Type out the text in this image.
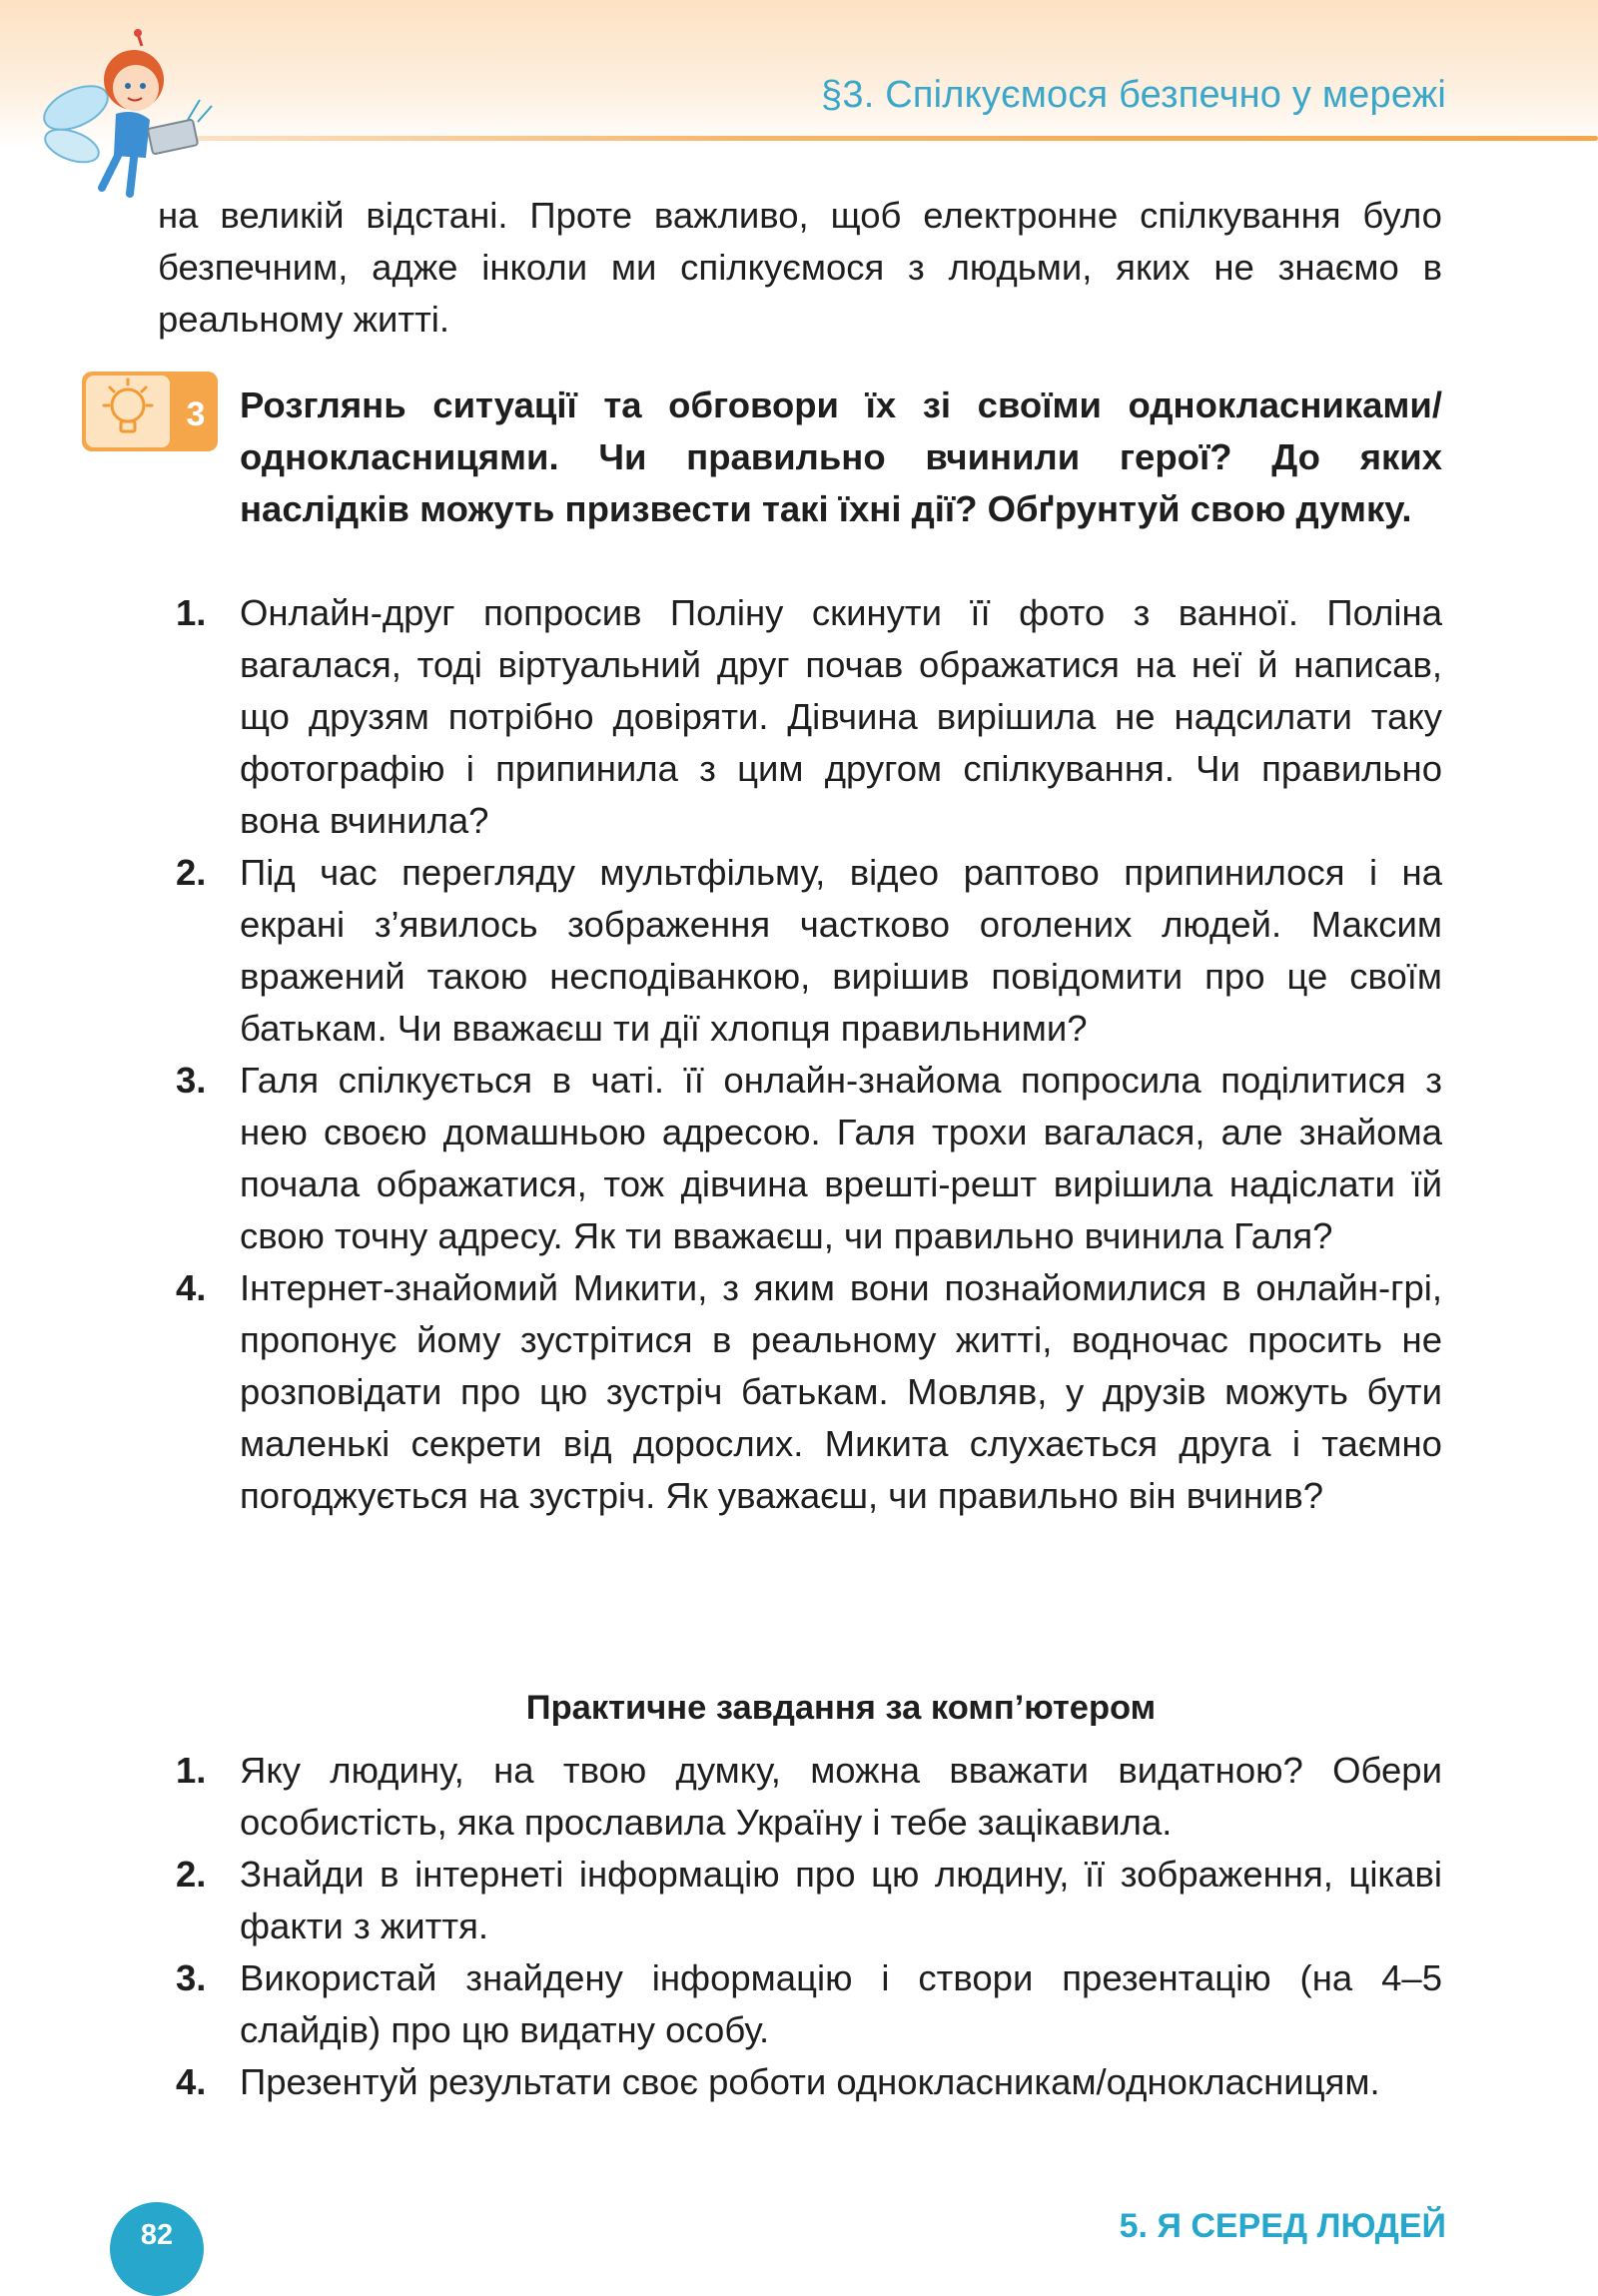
§3. Спілкуємося безпечно у мережі
на великій відстані. Проте важливо, щоб електронне спілкування було безпечним, адже інколи ми спілкуємося з людьми, яких не знаємо в реальному житті.
3 Розглянь ситуації та обговори їх зі своїми однокласниками/однокласницями. Чи правильно вчинили герої? До яких наслідків можуть призвести такі їхні дії? Обґрунтуй свою думку.
1. Онлайн-друг попросив Поліну скинути її фото з ванної. Поліна вагалася, тоді віртуальний друг почав ображатися на неї й написав, що друзям потрібно довіряти. Дівчина вирішила не надсилати таку фотографію і припинила з цим другом спілкування. Чи правильно вона вчинила?
2. Під час перегляду мультфільму, відео раптово припинилося і на екрані з’явилось зображення частково оголених людей. Максим вражений такою несподіванкою, вирішив повідомити про це своїм батькам. Чи вважаєш ти дії хлопця правильними?
3. Галя спілкується в чаті. її онлайн-знайома попросила поділитися з нею своєю домашньою адресою. Галя трохи вагалася, але знайома почала ображатися, тож дівчина врешті-решт вирішила надіслати їй свою точну адресу. Як ти вважаєш, чи правильно вчинила Галя?
4. Інтернет-знайомий Микити, з яким вони познайомилися в онлайн-грі, пропонує йому зустрітися в реальному житті, водночас просить не розповідати про цю зустріч батькам. Мовляв, у друзів можуть бути маленькі секрети від дорослих. Микита слухається друга і таємно погоджується на зустріч. Як уважаєш, чи правильно він вчинив?
Практичне завдання за комп’ютером
1. Яку людину, на твою думку, можна вважати видатною? Обери особистість, яка прославила Україну і тебе зацікавила.
2. Знайди в інтернеті інформацію про цю людину, її зображення, цікаві факти з життя.
3. Використай знайдену інформацію і створи презентацію (на 4–5 слайдів) про цю видатну особу.
4. Презентуй результати своє роботи однокласникам/однокласницям.
82	5. Я СЕРЕД ЛЮДЕЙ
